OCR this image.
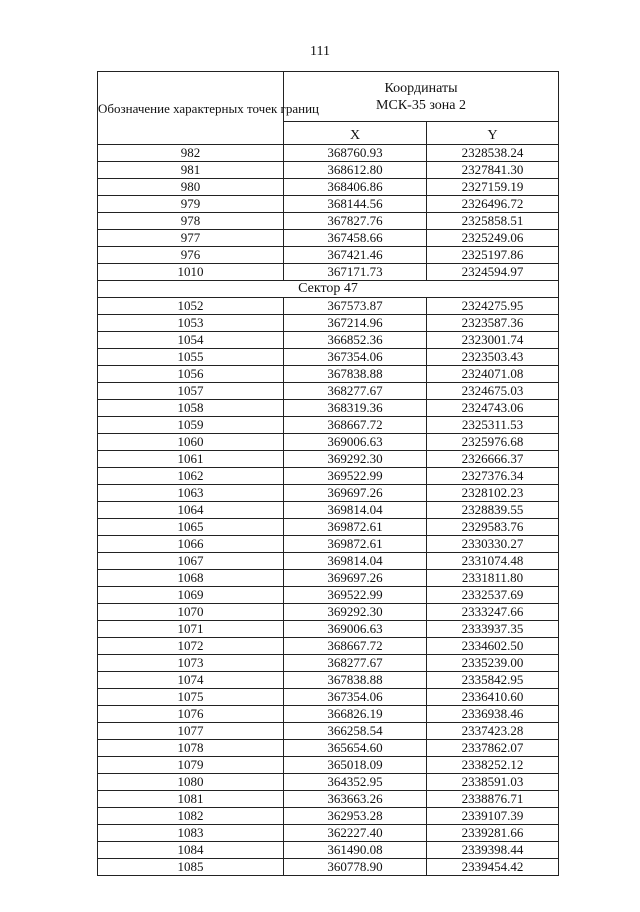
111
Обозначение характерных точек границ	Координаты
МСК-35 зона 2	

	X	Y
982	368760.93	2328538.24
981	368612.80	2327841.30
980	368406.86	2327159.19
979	368144.56	2326496.72
978	367827.76	2325858.51
977	367458.66	2325249.06
976	367421.46	2325197.86
1010	367171.73	2324594.97
Сектор 47		
1052	367573.87	2324275.95
1053	367214.96	2323587.36
1054	366852.36	2323001.74
1055	367354.06	2323503.43
1056	367838.88	2324071.08
1057	368277.67	2324675.03
1058	368319.36	2324743.06
1059	368667.72	2325311.53
1060	369006.63	2325976.68
1061	369292.30	2326666.37
1062	369522.99	2327376.34
1063	369697.26	2328102.23
1064	369814.04	2328839.55
1065	369872.61	2329583.76
1066	369872.61	2330330.27
1067	369814.04	2331074.48
1068	369697.26	2331811.80
1069	369522.99	2332537.69
1070	369292.30	2333247.66
1071	369006.63	2333937.35
1072	368667.72	2334602.50
1073	368277.67	2335239.00
1074	367838.88	2335842.95
1075	367354.06	2336410.60
1076	366826.19	2336938.46
1077	366258.54	2337423.28
1078	365654.60	2337862.07
1079	365018.09	2338252.12
1080	364352.95	2338591.03
1081	363663.26	2338876.71
1082	362953.28	2339107.39
1083	362227.40	2339281.66
1084	361490.08	2339398.44
1085	360778.90	2339454.42
